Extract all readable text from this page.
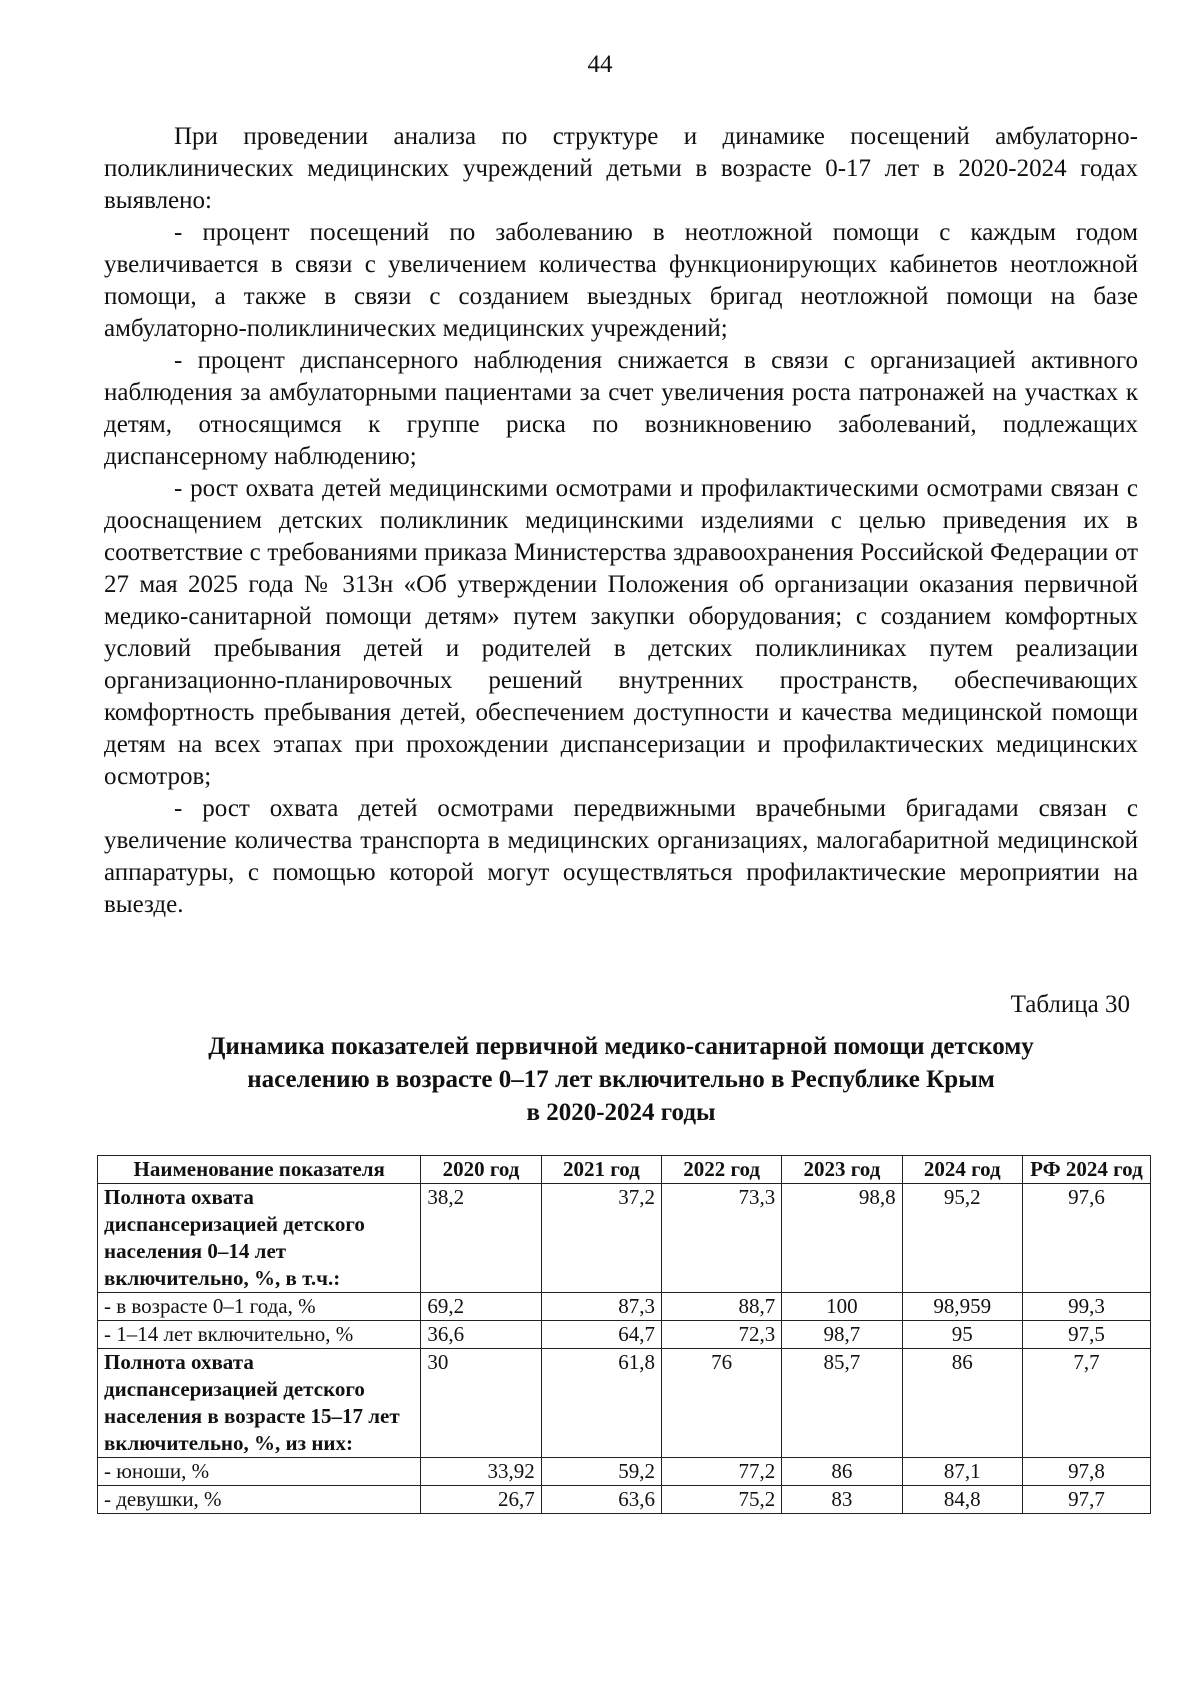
44

При проведении анализа по структуре и динамике посещений амбулаторно-поликлинических медицинских учреждений детьми в возрасте 0-17 лет в 2020-2024 годах выявлено:

- процент посещений по заболеванию в неотложной помощи с каждым годом увеличивается в связи с увеличением количества функционирующих кабинетов неотложной помощи, а также в связи с созданием выездных бригад неотложной помощи на базе амбулаторно-поликлинических медицинских учреждений;

- процент диспансерного наблюдения снижается в связи с организацией активного наблюдения за амбулаторными пациентами за счет увеличения роста патронажей на участках к детям, относящимся к группе риска по возникновению заболеваний, подлежащих диспансерному наблюдению;

- рост охвата детей медицинскими осмотрами и профилактическими осмотрами связан с дооснащением детских поликлиник медицинскими изделиями с целью приведения их в соответствие с требованиями приказа Министерства здравоохранения Российской Федерации от 27 мая 2025 года № 313н «Об утверждении Положения об организации оказания первичной медико-санитарной помощи детям» путем закупки оборудования; с созданием комфортных условий пребывания детей и родителей в детских поликлиниках путем реализации организационно-планировочных решений внутренних пространств, обеспечивающих комфортность пребывания детей, обеспечением доступности и качества медицинской помощи детям на всех этапах при прохождении диспансеризации и профилактических медицинских осмотров;

- рост охвата детей осмотрами передвижными врачебными бригадами связан с увеличение количества транспорта в медицинских организациях, малогабаритной медицинской аппаратуры, с помощью которой могут осуществляться профилактические мероприятии на выезде.

Таблица 30
Динамика показателей первичной медико-санитарной помощи детскому
населению в возрасте 0–17 лет включительно в Республике Крым
в 2020-2024 годы
Наименование показателя	2020 год	2021 год	2022 год	2023 год	2024 год	РФ 2024 год
Полнота охвата диспансеризацией детского населения 0–14 лет включительно, %, в т.ч.:	38,2	37,2	73,3	98,8	95,2	97,6
- в возрасте 0–1 года, %	69,2	87,3	88,7	100	98,959	99,3
- 1–14 лет включительно, %	36,6	64,7	72,3	98,7	95	97,5
Полнота охвата диспансеризацией детского населения в возрасте 15–17 лет включительно, %, из них:	30	61,8	76	85,7	86	7,7
- юноши, %	33,92	59,2	77,2	86	87,1	97,8
- девушки, %	26,7	63,6	75,2	83	84,8	97,7
